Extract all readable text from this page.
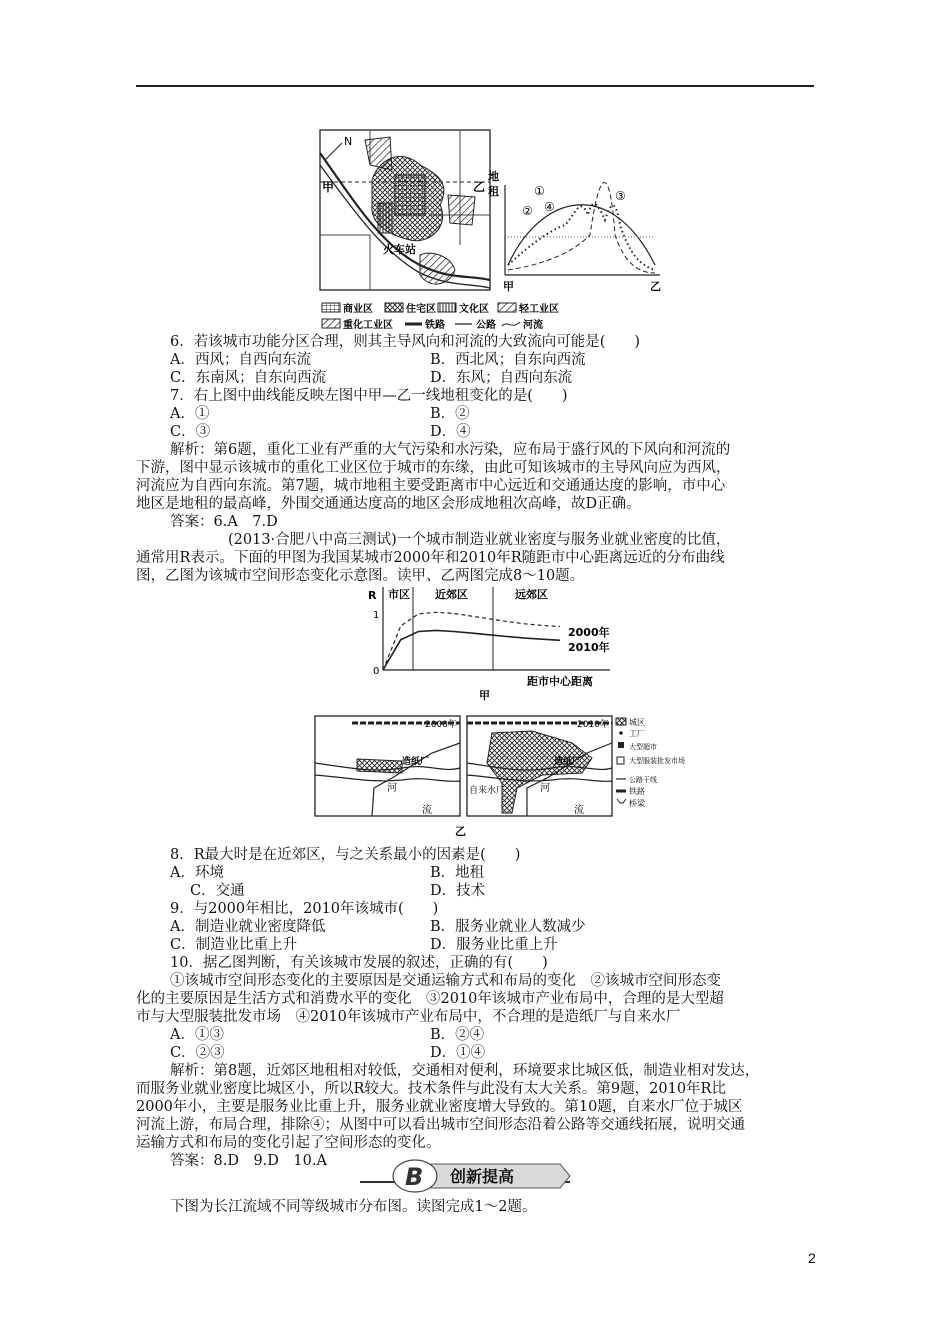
N
甲	乙
火车站
地
租
甲	乙
①
②
③
④
商业区	住宅区 文化区	轻工业区
重化工业区	铁路	公路	河流
6．若该城市功能分区合理，则其主导风向和河流的大致流向可能是(　　)
A．西风；自西向东流	B．西北风；自东向西流
C．东南风；自东向西流	D．东风；自西向东流
7．右上图中曲线能反映左图中甲—乙一线地租变化的是(　　)
A．①	B．②
C．③	D．④
解析：第6题，重化工业有严重的大气污染和水污染，应布局于盛行风的下风向和河流的
下游，图中显示该城市的重化工业区位于城市的东缘，由此可知该城市的主导风向应为西风，
河流应为自西向东流。第7题，城市地租主要受距离市中心远近和交通通达度的影响，市中心
地区是地租的最高峰，外围交通通达度高的地区会形成地租次高峰，故D正确。
答案：6.A　7.D
(2013·合肥八中高三测试)一个城市制造业就业密度与服务业就业密度的比值，
通常用R表示。下面的甲图为我国某城市2000年和2010年R随距市中心距离远近的分布曲线
图，乙图为该城市空间形态变化示意图。读甲、乙两图完成8～10题。
R 市区 近郊区	远郊区
0
1
2000年
2010年
距市中心距离
甲
2000年	2010年
造纸厂	造纸厂
河
流
河
流
自来水厂
乙
城区
工厂
大型超市
大型服装批发市场
公路干线
铁路
桥梁
8．R最大时是在近郊区，与之关系最小的因素是(　　)
A．环境	B．地租
C．交通	D．技术
9．与2000年相比，2010年该城市(　　)
A．制造业就业密度降低	B．服务业就业人数减少
C．制造业比重上升	D．服务业比重上升
10．据乙图判断，有关该城市发展的叙述，正确的有(　　)
①该城市空间形态变化的主要原因是交通运输方式和布局的变化　②该城市空间形态变
化的主要原因是生活方式和消费水平的变化　③2010年该城市产业布局中，合理的是大型超
市与大型服装批发市场　④2010年该城市产业布局中，不合理的是造纸厂与自来水厂
A．①③	B．②④
C．②③	D．①④
解析：第8题，近郊区地租相对较低，交通相对便利，环境要求比城区低，制造业相对发达，
而服务业就业密度比城区小，所以R较大。技术条件与此没有太大关系。第9题，2010年R比
2000年小，主要是服务业比重上升，服务业就业密度增大导致的。第10题，自来水厂位于城区
河流上游，布局合理，排除④；从图中可以看出城市空间形态沿着公路等交通线拓展，说明交通
运输方式和布局的变化引起了空间形态的变化。
答案：8.D　9.D　10.A
B 创新提高
下图为长江流域不同等级城市分布图。读图完成1～2题。
2
